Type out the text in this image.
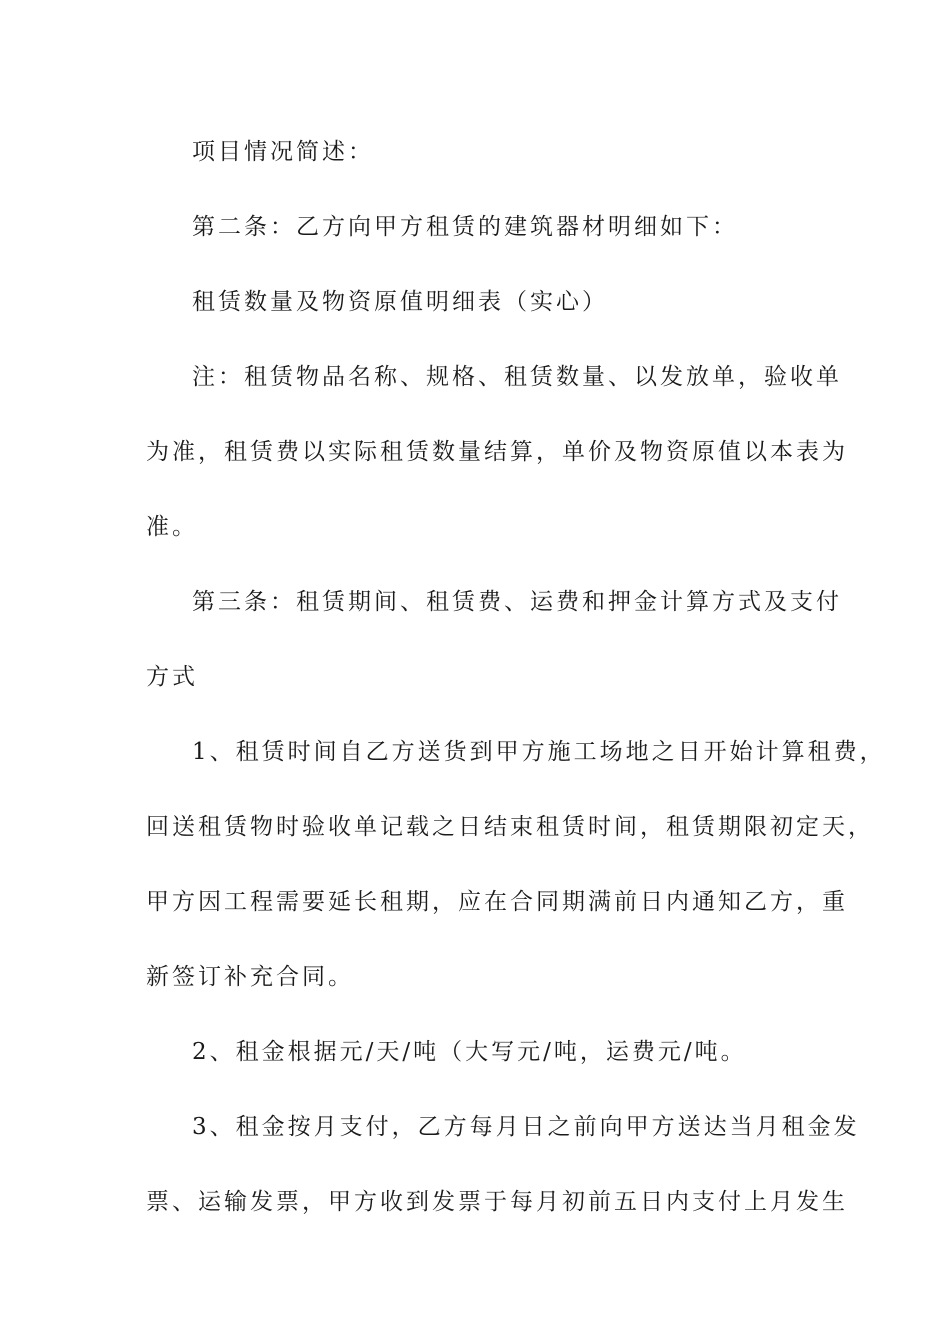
项目情况简述：
第二条：乙方向甲方租赁的建筑器材明细如下：
租赁数量及物资原值明细表（实心）
注：租赁物品名称、规格、租赁数量、以发放单，验收单
为准，租赁费以实际租赁数量结算，单价及物资原值以本表为
准。
第三条：租赁期间、租赁费、运费和押金计算方式及支付
方式
1、租赁时间自乙方送货到甲方施工场地之日开始计算租费，
回送租赁物时验收单记载之日结束租赁时间，租赁期限初定天，
甲方因工程需要延长租期，应在合同期满前日内通知乙方，重
新签订补充合同。
2、租金根据元/天/吨（大写元/吨，运费元/吨。
3、租金按月支付，乙方每月日之前向甲方送达当月租金发
票、运输发票，甲方收到发票于每月初前五日内支付上月发生
